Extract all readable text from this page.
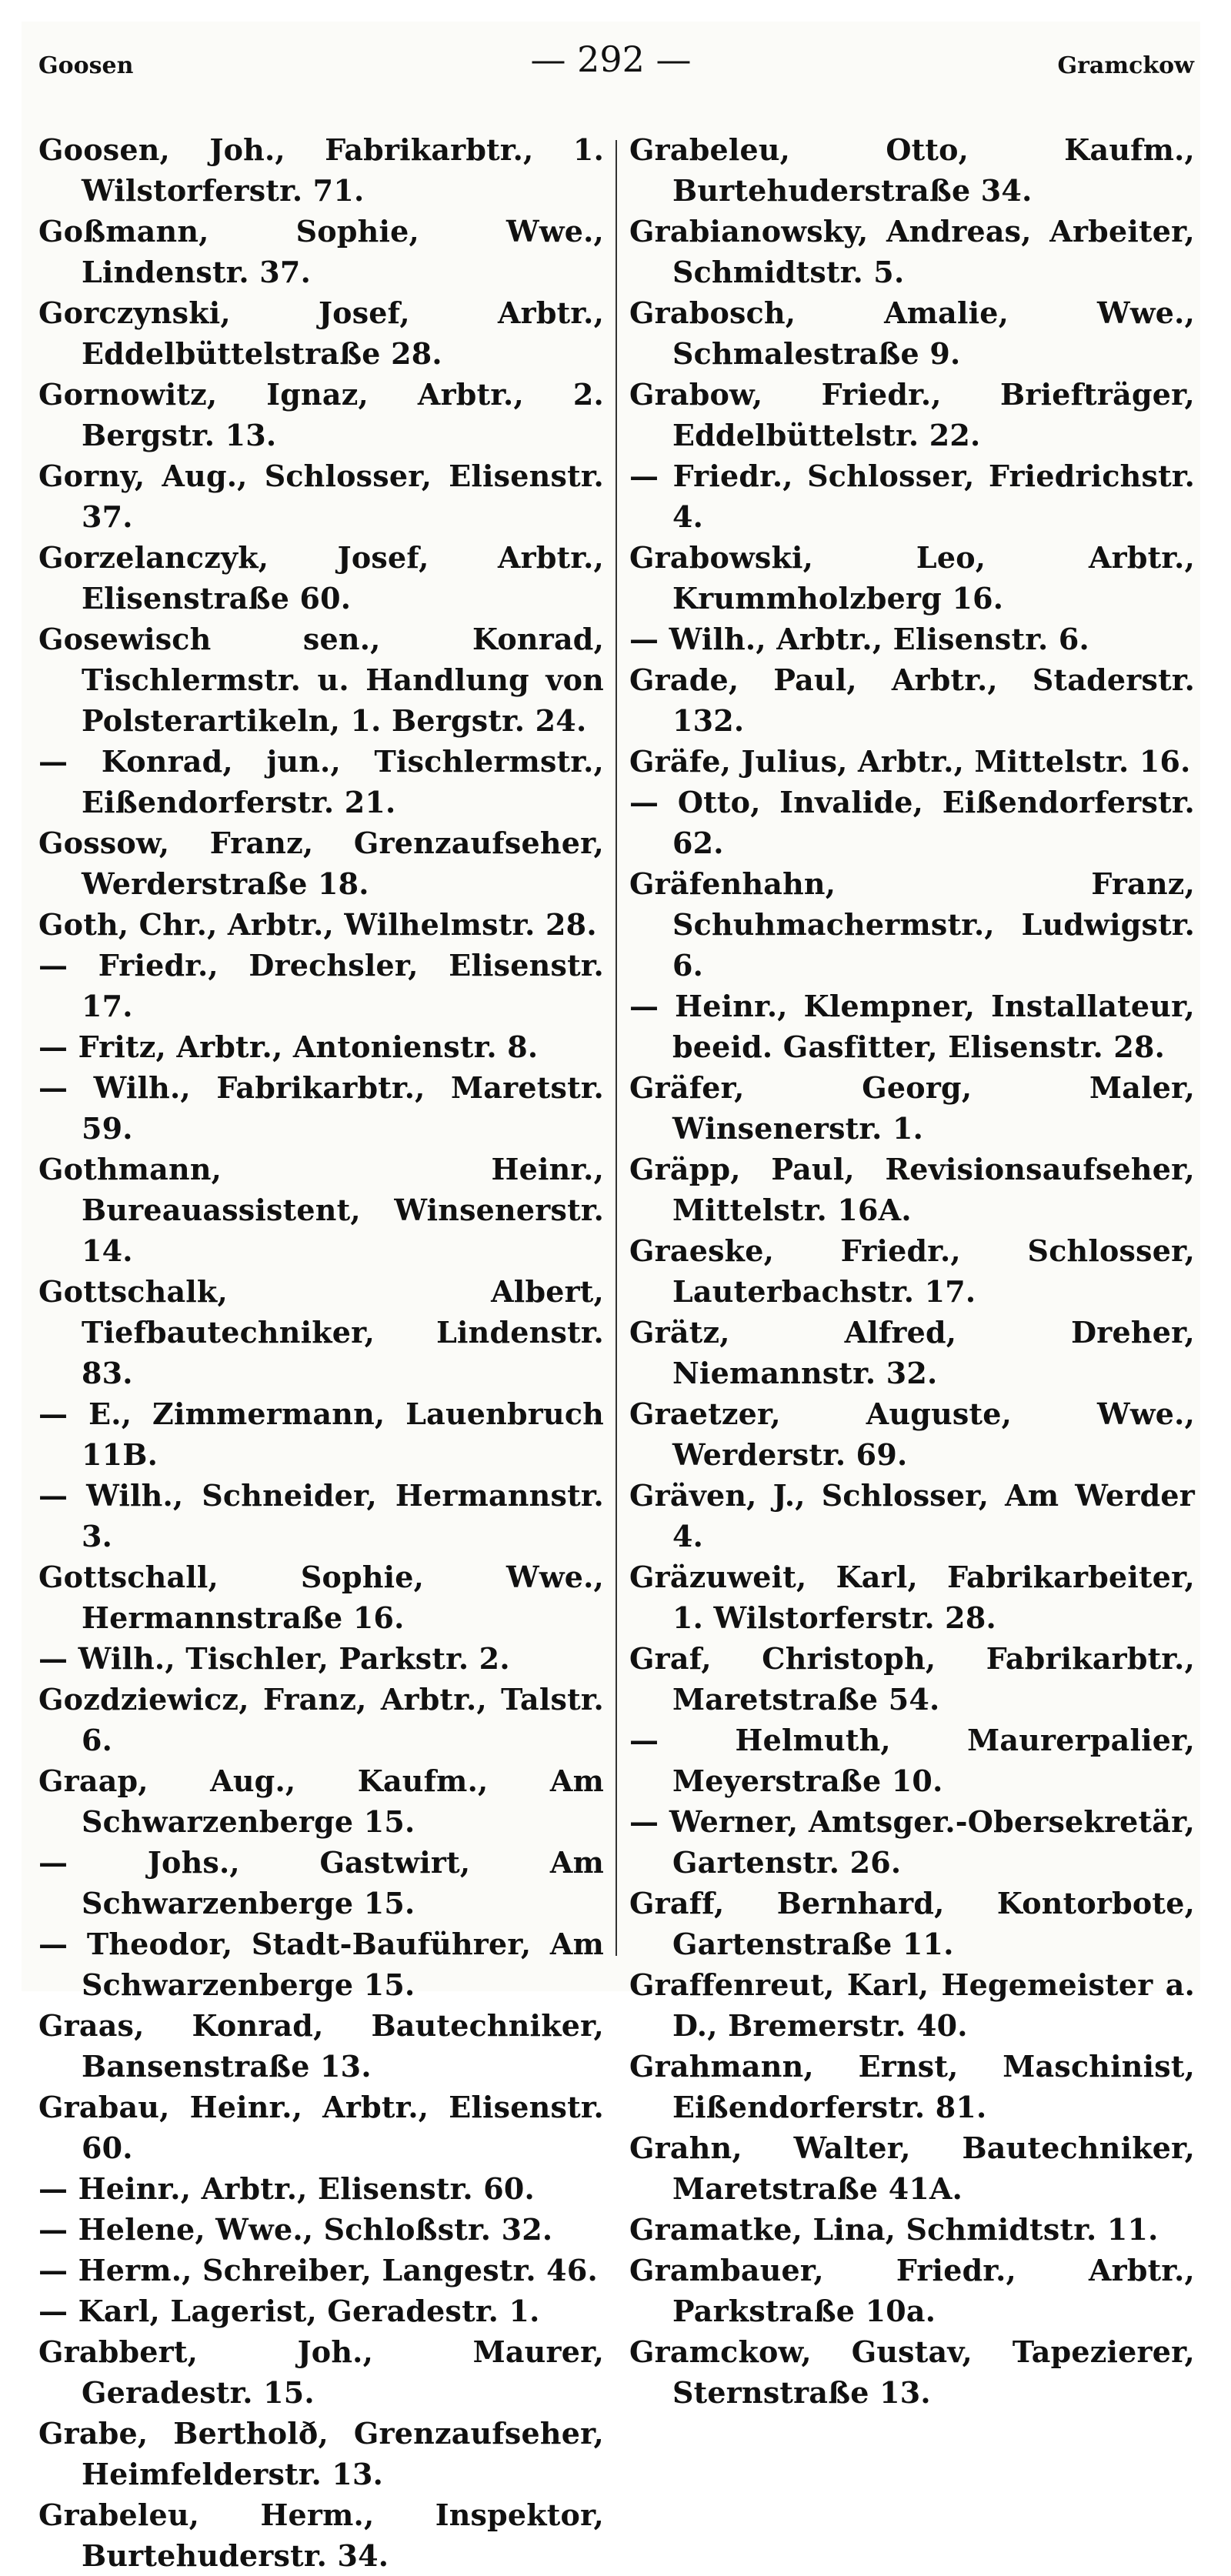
Goosen	— 292 —	Gramckow

Goosen, Joh., Fabrikarbtr., 1. Wilstorferstr. 71.

Goßmann, Sophie, Wwe., Lindenstr. 37.

Gorczynski, Josef, Arbtr., Eddelbüttelstraße 28.

Gornowitz, Ignaz, Arbtr., 2. Bergstr. 13.

Gorny, Aug., Schlosser, Elisenstr. 37.

Gorzelanczyk, Josef, Arbtr., Elisenstraße 60.

Gosewisch sen., Konrad, Tischlermstr. u. Handlung von Polsterartikeln, 1. Bergstr. 24.

— Konrad, jun., Tischlermstr., Eißendorferstr. 21.

Gossow, Franz, Grenzaufseher, Werderstraße 18.

Goth, Chr., Arbtr., Wilhelmstr. 28.

— Friedr., Drechsler, Elisenstr. 17.

— Fritz, Arbtr., Antonienstr. 8.

— Wilh., Fabrikarbtr., Maretstr. 59.

Gothmann, Heinr., Bureauassistent, Winsenerstr. 14.

Gottschalk, Albert, Tiefbautechniker, Lindenstr. 83.

— E., Zimmermann, Lauenbruch 11B.

— Wilh., Schneider, Hermannstr. 3.

Gottschall, Sophie, Wwe., Hermannstraße 16.

— Wilh., Tischler, Parkstr. 2.

Gozdziewicz, Franz, Arbtr., Talstr. 6.

Graap, Aug., Kaufm., Am Schwarzenberge 15.

— Johs., Gastwirt, Am Schwarzenberge 15.

— Theodor, Stadt-Bauführer, Am Schwarzenberge 15.

Graas, Konrad, Bautechniker, Bansenstraße 13.

Grabau, Heinr., Arbtr., Elisenstr. 60.

— Heinr., Arbtr., Elisenstr. 60.

— Helene, Wwe., Schloßstr. 32.

— Herm., Schreiber, Langestr. 46.

— Karl, Lagerist, Geradestr. 1.

Grabbert, Joh., Maurer, Geradestr. 15.

Grabe, Bertholð, Grenzaufseher, Heimfelderstr. 13.

Grabeleu, Herm., Inspektor, Burtehuderstr. 34.

Grabeleu, Otto, Kaufm., Burtehuderstraße 34.

Grabianowsky, Andreas, Arbeiter, Schmidtstr. 5.

Grabosch, Amalie, Wwe., Schmalestraße 9.

Grabow, Friedr., Briefträger, Eddelbüttelstr. 22.

— Friedr., Schlosser, Friedrichstr. 4.

Grabowski, Leo, Arbtr., Krummholzberg 16.

— Wilh., Arbtr., Elisenstr. 6.

Grade, Paul, Arbtr., Staderstr. 132.

Gräfe, Julius, Arbtr., Mittelstr. 16.

— Otto, Invalide, Eißendorferstr. 62.

Gräfenhahn, Franz, Schuhmachermstr., Ludwigstr. 6.

— Heinr., Klempner, Installateur, beeid. Gasfitter, Elisenstr. 28.

Gräfer, Georg, Maler, Winsenerstr. 1.

Gräpp, Paul, Revisionsaufseher, Mittelstr. 16A.

Graeske, Friedr., Schlosser, Lauterbachstr. 17.

Grätz, Alfred, Dreher, Niemannstr. 32.

Graetzer, Auguste, Wwe., Werderstr. 69.

Gräven, J., Schlosser, Am Werder 4.

Gräzuweit, Karl, Fabrikarbeiter, 1. Wilstorferstr. 28.

Graf, Christoph, Fabrikarbtr., Maretstraße 54.

— Helmuth, Maurerpalier, Meyerstraße 10.

— Werner, Amtsger.-Obersekretär, Gartenstr. 26.

Graff, Bernhard, Kontorbote, Gartenstraße 11.

Graffenreut, Karl, Hegemeister a. D., Bremerstr. 40.

Grahmann, Ernst, Maschinist, Eißendorferstr. 81.

Grahn, Walter, Bautechniker, Maretstraße 41A.

Gramatke, Lina, Schmidtstr. 11.

Grambauer, Friedr., Arbtr., Parkstraße 10a.

Gramckow, Gustav, Tapezierer, Sternstraße 13.
